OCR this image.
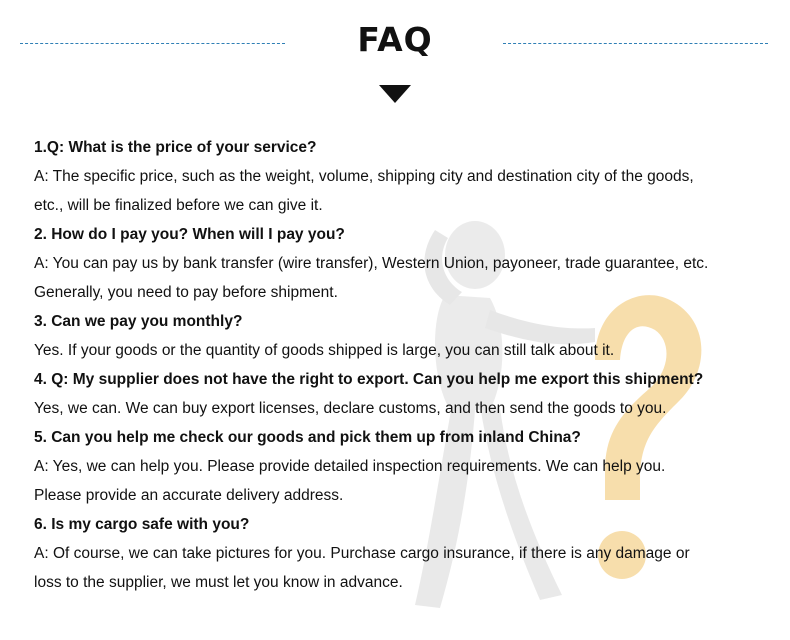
FAQ
1.Q: What is the price of your service?
A: The specific price, such as the weight, volume, shipping city and destination city of the goods,
etc., will be finalized before we can give it.
2. How do I pay you? When will I pay you?
A: You can pay us by bank transfer (wire transfer), Western Union, payoneer, trade guarantee, etc.
Generally, you need to pay before shipment.
3. Can we pay you monthly?
Yes. If your goods or the quantity of goods shipped is large, you can still talk about it.
4. Q: My supplier does not have the right to export. Can you help me export this shipment?
Yes, we can. We can buy export licenses, declare customs, and then send the goods to you.
5. Can you help me check our goods and pick them up from inland China?
A: Yes, we can help you. Please provide detailed inspection requirements. We can help you.
Please provide an accurate delivery address.
6. Is my cargo safe with you?
A: Of course, we can take pictures for you. Purchase cargo insurance, if there is any damage or
loss to the supplier, we must let you know in advance.
